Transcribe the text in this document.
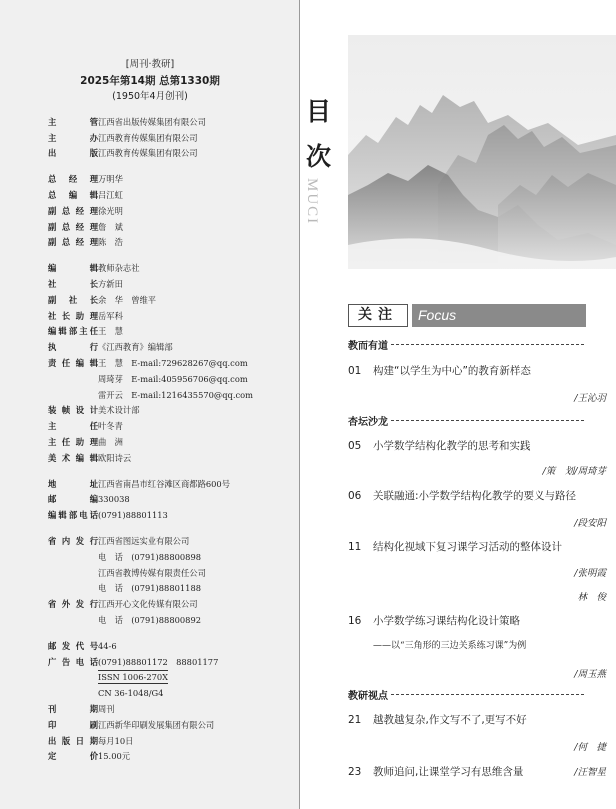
[周刊·教研]
2025年第14期 总第1330期
(1950年4月创刊)
主　管 江西省出版传媒集团有限公司
主　办 江西教育传媒集团有限公司
出　版 江西教育传媒集团有限公司
总经理 万明华
总编辑 吕江虹
副总经理 徐光明
副总经理 詹　斌
副总经理 陈　浩
编　辑 教师杂志社
社　长 方新田
副社长 余　华　曾维平
社长助理 岳军科
编辑部主任 王　慧
执　行 《江西教育》编辑部
责任编辑 王　慧　E-mail:729628267@qq.com
周琦芽　E-mail:405956706@qq.com
雷开云　E-mail:1216435570@qq.com
装帧设计 美术设计部
主　任 叶冬青
主任助理 曲　洲
美术编辑 欧阳诗云
地　址 江西省南昌市红谷滩区商都路600号
邮　编 330038
编辑部电话 (0791)88801113
省内发行 江西省图远实业有限公司
电　话　(0791)88800898
江西省教博传媒有限责任公司
电　话　(0791)88801188
省外发行 江西开心文化传媒有限公司
电　话　(0791)88800892
邮发代号 44-6
广告电话 (0791)88801172　88801177
ISSN 1006-270X
CN 36-1048/G4
刊　期 周刊
印　刷 江西新华印刷发展集团有限公司
出版日期 每月10日
定　价 15.00元
目
次
MUCI
关注	Focus
教而有道
01 构建“以学生为中心”的教育新样态
/王沁羽
杏坛沙龙
05 小学数学结构化教学的思考和实践
/策　划/周琦芽
06 关联融通:小学数学结构化教学的要义与路径
/段安阳
11 结构化视域下复习课学习活动的整体设计
/张明霞
林　俊
16 小学数学练习课结构化设计策略
——以“三角形的三边关系练习课”为例
/周玉燕
教研视点
21 越教越复杂,作文写不了,更写不好
/何　捷
23 教师追问,让课堂学习有思维含量	/汪智星
